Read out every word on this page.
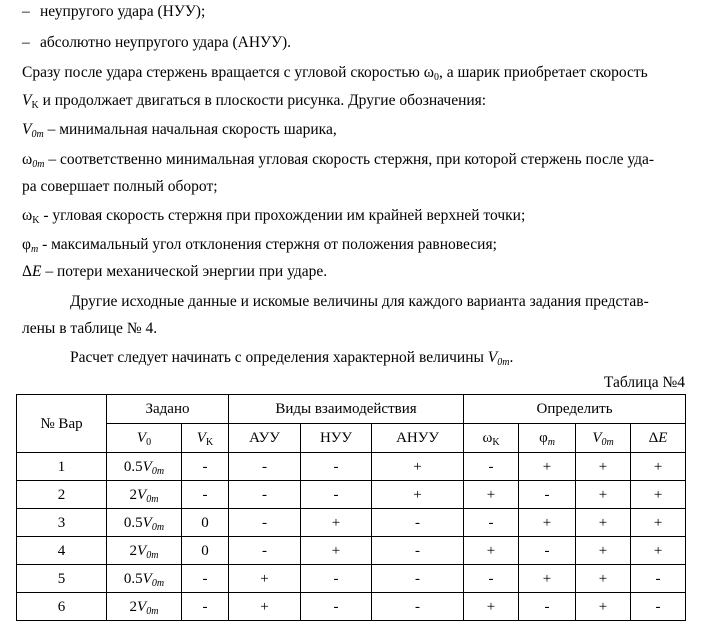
– неупругого удара (НУУ);
– абсолютно неупругого удара (АНУУ).
Сразу после удара стержень вращается с угловой скоростью $\omega_0$, а шарик приобретает скорость
$V_K$ и продолжает двигаться в плоскости рисунка. Другие обозначения:
$V_{0m}$ – минимальная начальная скорость шарика,
$\omega_{0m}$ – соответственно минимальная угловая скорость стержня, при которой стержень после уда-
ра совершает полный оборот;
$\omega_K$ - угловая скорость стержня при прохождении им крайней верхней точки;
$\varphi_m$ - максимальный угол отклонения стержня от положения равновесия;
ΔE – потери механической энергии при ударе.
Другие исходные данные и искомые величины для каждого варианта задания представ-
лены в таблице № 4.
Расчет следует начинать с определения характерной величины $V_{0m}$.
Таблица №4
№ Вар	Задано		Виды взаимодействия			Определить			
	$V_0$	$V_K$	АУУ	НУУ	АНУУ	$\omega_K$	$\varphi_m$	$V_{0m}$	ΔE
1	$0.5V_{0m}$	-	-	-	+	-	+	+	+
2	$2V_{0m}$	-	-	-	+	+	-	+	+
3	$0.5V_{0m}$	0	-	+	-	-	+	+	+
4	$2V_{0m}$	0	-	+	-	+	-	+	+
5	$0.5V_{0m}$	-	+	-	-	-	+	+	-
6	$2V_{0m}$	-	+	-	-	+	-	+	-
